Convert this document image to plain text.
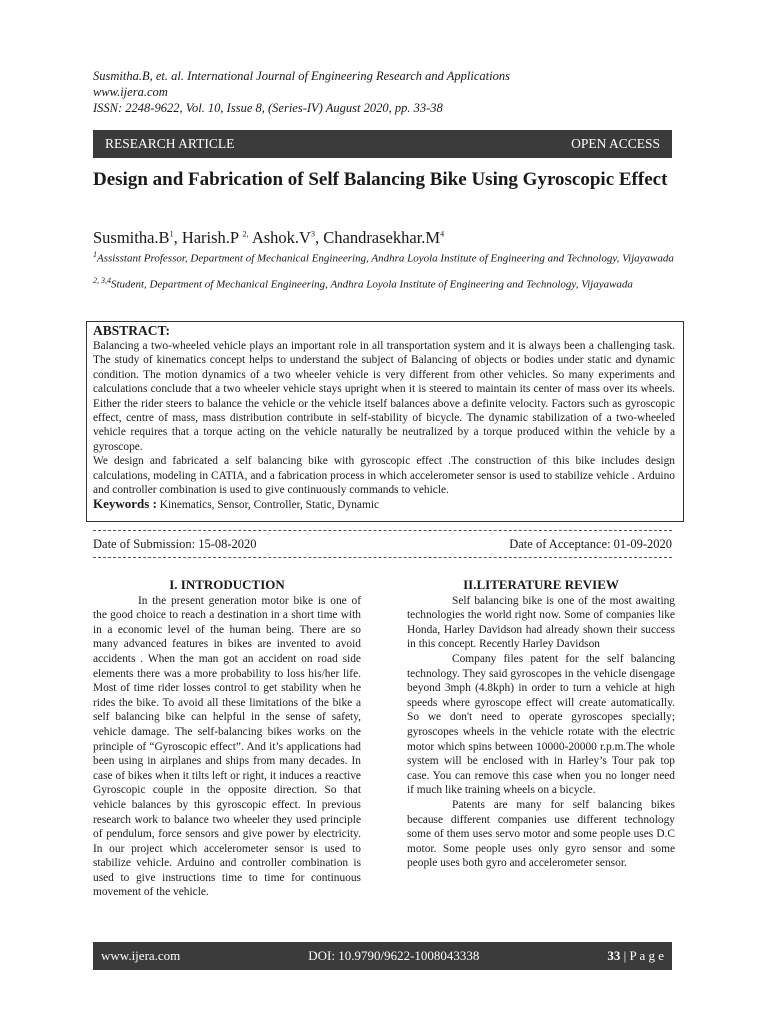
Susmitha.B, et. al. International Journal of Engineering Research and Applications
www.ijera.com
ISSN: 2248-9622, Vol. 10, Issue 8, (Series-IV) August 2020, pp. 33-38
RESEARCH ARTICLE	OPEN ACCESS
Design and Fabrication of Self Balancing Bike Using Gyroscopic Effect
$Susmitha.B^1$, Harish.P $^{2,}$ $Ashok.V^3$, $Chandrasekhar.M^4$
$^1$Assisstant Professor, Department of Mechanical Engineering, Andhra Loyola Institute of Engineering and Technology, Vijayawada
$^{2, 3,4}$Student, Department of Mechanical Engineering, Andhra Loyola Institute of Engineering and Technology, Vijayawada
ABSTRACT:
Balancing a two-wheeled vehicle plays an important role in all transportation system and it is always been a challenging task. The study of kinematics concept helps to understand the subject of Balancing of objects or bodies under static and dynamic condition. The motion dynamics of a two wheeler vehicle is very different from other vehicles. So many experiments and calculations conclude that a two wheeler vehicle stays upright when it is steered to maintain its center of mass over its wheels. Either the rider steers to balance the vehicle or the vehicle itself balances above a definite velocity. Factors such as gyroscopic effect, centre of mass, mass distribution contribute in self-stability of bicycle. The dynamic stabilization of a two-wheeled vehicle requires that a torque acting on the vehicle naturally be neutralized by a torque produced within the vehicle by a gyroscope.
We design and fabricated a self balancing bike with gyroscopic effect .The construction of this bike includes design calculations, modeling in CATIA, and a fabrication process in which accelerometer sensor is used to stabilize vehicle . Arduino and controller combination is used to give continuously commands to vehicle.
Keywords : Kinematics, Sensor, Controller, Static, Dynamic
Date of Submission: 15-08-2020	Date of Acceptance: 01-09-2020
I. INTRODUCTION

In the present generation motor bike is one of the good choice to reach a destination in a short time with in a economic level of the human being. There are so many advanced features in bikes are invented to avoid accidents . When the man got an accident on road side elements there was a more probability to loss his/her life. Most of time rider losses control to get stability when he rides the bike. To avoid all these limitations of the bike a self balancing bike can helpful in the sense of safety, vehicle damage. The self-balancing bikes works on the principle of “Gyroscopic effect”. And it’s applications had been using in airplanes and ships from many decades. In case of bikes when it tilts left or right, it induces a reactive Gyroscopic couple in the opposite direction. So that vehicle balances by this gyroscopic effect. In previous research work to balance two wheeler they used principle of pendulum, force sensors and give power by electricity. In our project which accelerometer sensor is used to stabilize vehicle. Arduino and controller combination is used to give instructions time to time for continuous movement of the vehicle.

II.LITERATURE REVIEW

Self balancing bike is one of the most awaiting technologies the world right now. Some of companies like Honda, Harley Davidson had already shown their success in this concept. Recently Harley Davidson

Company files patent for the self balancing technology. They said gyroscopes in the vehicle disengage beyond 3mph (4.8kph) in order to turn a vehicle at high speeds where gyroscope effect will create automatically. So we don't need to operate gyroscopes specially; gyroscopes wheels in the vehicle rotate with the electric motor which spins between 10000-20000 r.p.m.The whole system will be enclosed with in Harley’s Tour pak top case. You can remove this case when you no longer need if much like training wheels on a bicycle.

Patents are many for self balancing bikes because different companies use different technology some of them uses servo motor and some people uses D.C motor. Some people uses only gyro sensor and some people uses both gyro and accelerometer sensor.

www.ijera.com	DOI: 10.9790/9622-1008043338	33 | P a g e
